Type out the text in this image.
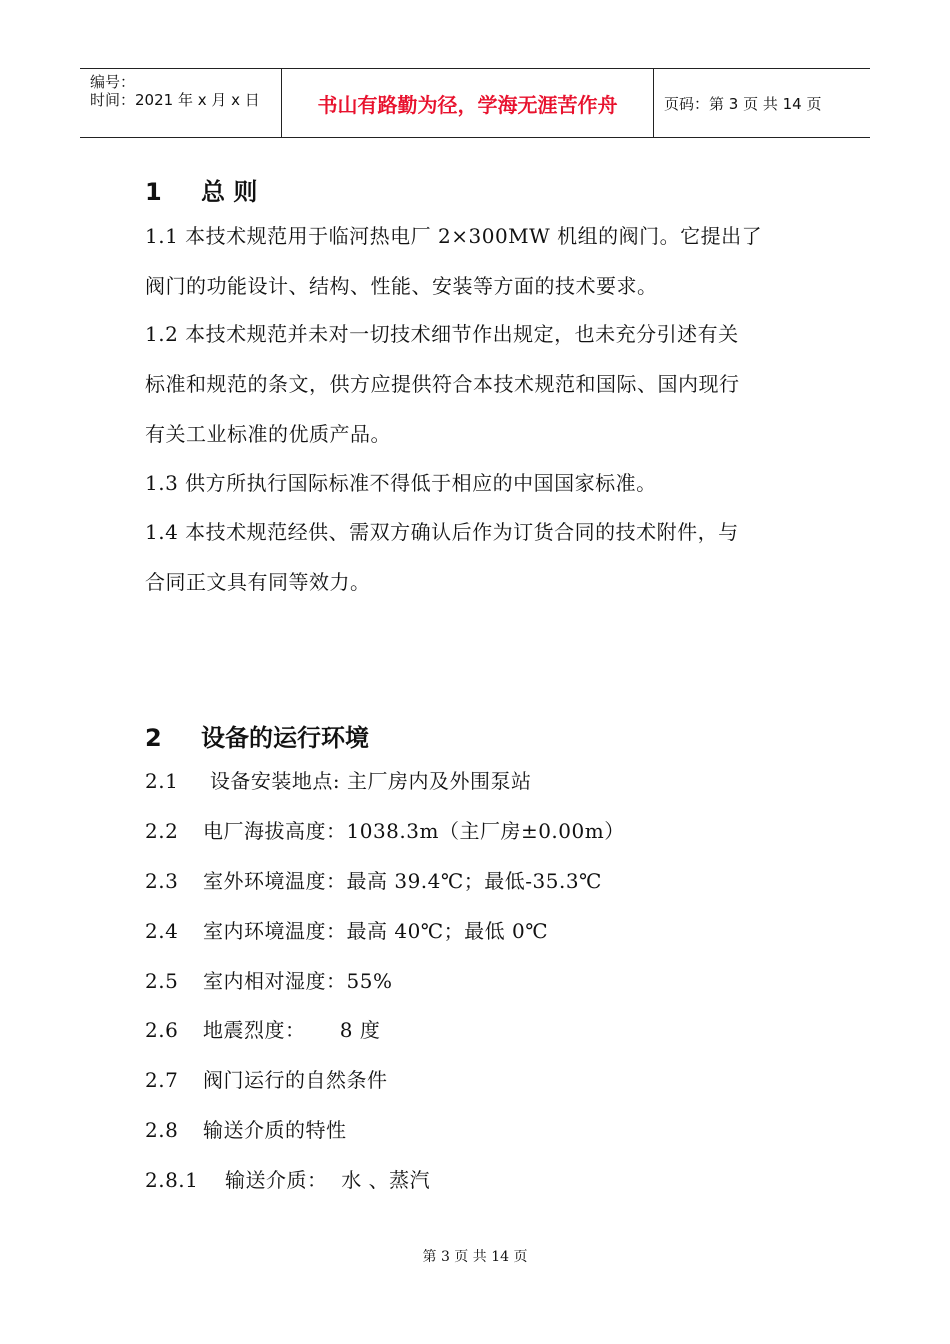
编号：
时间：2021 年 x 月 x 日	书山有路勤为径，学海无涯苦作舟	页码：第 3 页 共 14 页
1 总 则
1.1 本技术规范用于临河热电厂 2×300MW 机组的阀门。它提出了
阀门的功能设计、结构、性能、安装等方面的技术要求。
1.2 本技术规范并未对一切技术细节作出规定，也未充分引述有关
标准和规范的条文，供方应提供符合本技术规范和国际、国内现行
有关工业标准的优质产品。
1.3 供方所执行国际标准不得低于相应的中国国家标准。
1.4 本技术规范经供、需双方确认后作为订货合同的技术附件，与
合同正文具有同等效力。
2 设备的运行环境
2.1 设备安装地点: 主厂房内及外围泵站
2.2 电厂海拔高度：1038.3m（主厂房±0.00m）
2.3 室外环境温度：最高 39.4℃；最低-35.3℃
2.4 室内环境温度：最高 40℃；最低 0℃
2.5 室内相对湿度：55%
2.6 地震烈度：     8 度
2.7 阀门运行的自然条件
2.8 输送介质的特性
2.8.1 输送介质：  水 、蒸汽
第 3 页 共 14 页
